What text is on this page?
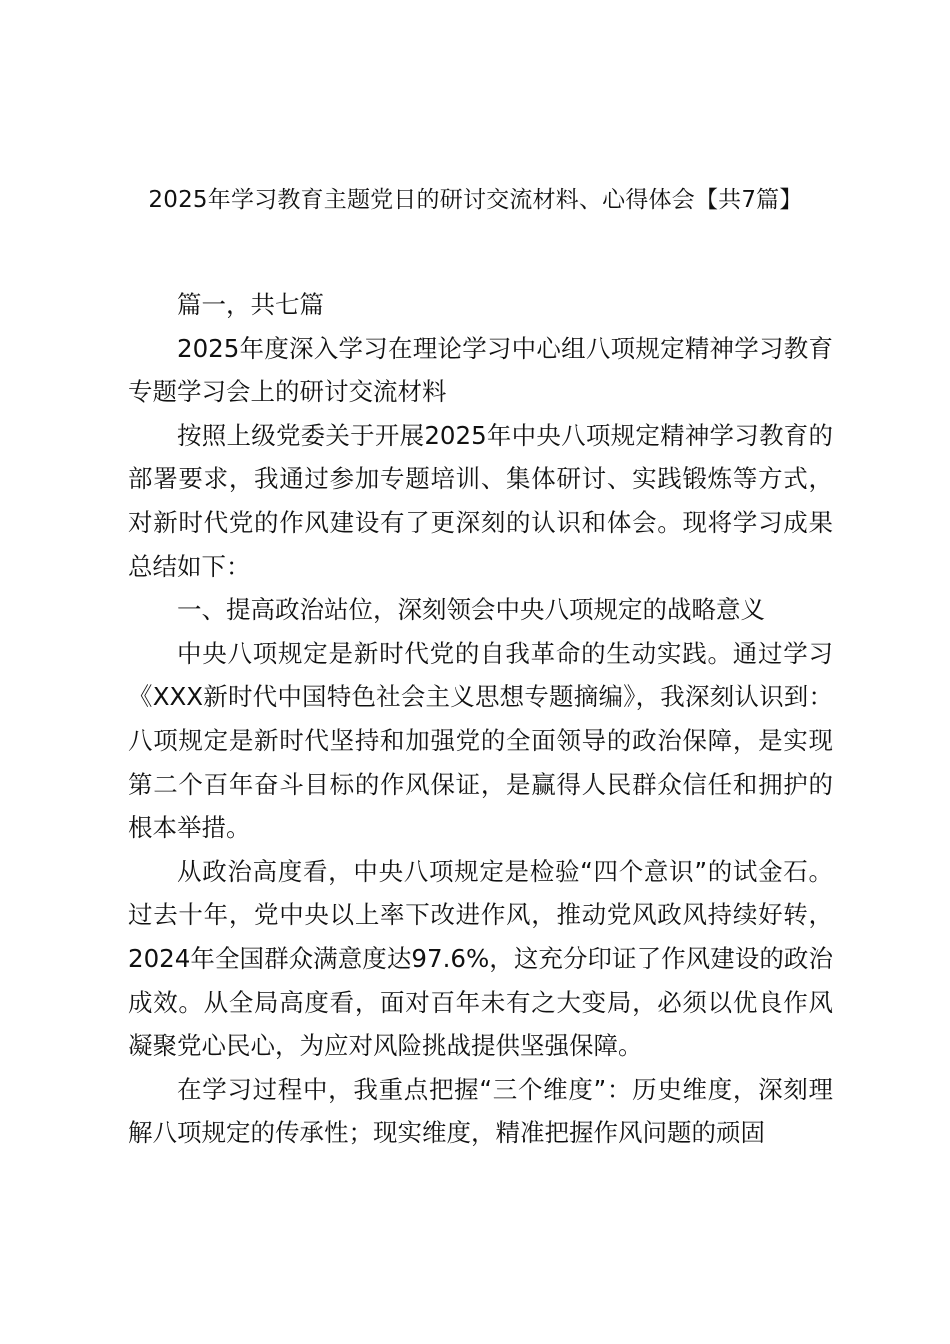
2025年学习教育主题党日的研讨交流材料、心得体会【共7篇】

篇一，共七篇

2025年度深入学习在理论学习中心组八项规定精神学习教育专题学习会上的研讨交流材料

按照上级党委关于开展2025年中央八项规定精神学习教育的部署要求，我通过参加专题培训、集体研讨、实践锻炼等方式，对新时代党的作风建设有了更深刻的认识和体会。现将学习成果总结如下：

一、提高政治站位，深刻领会中央八项规定的战略意义

中央八项规定是新时代党的自我革命的生动实践。通过学习《XXX新时代中国特色社会主义思想专题摘编》，我深刻认识到：八项规定是新时代坚持和加强党的全面领导的政治保障，是实现第二个百年奋斗目标的作风保证，是赢得人民群众信任和拥护的根本举措。

从政治高度看，中央八项规定是检验“四个意识”的试金石。过去十年，党中央以上率下改进作风，推动党风政风持续好转，2024年全国群众满意度达97.6%，这充分印证了作风建设的政治成效。从全局高度看，面对百年未有之大变局，必须以优良作风凝聚党心民心，为应对风险挑战提供坚强保障。

在学习过程中，我重点把握“三个维度”：历史维度，深刻理解八项规定的传承性；现实维度，精准把握作风问题的顽固
